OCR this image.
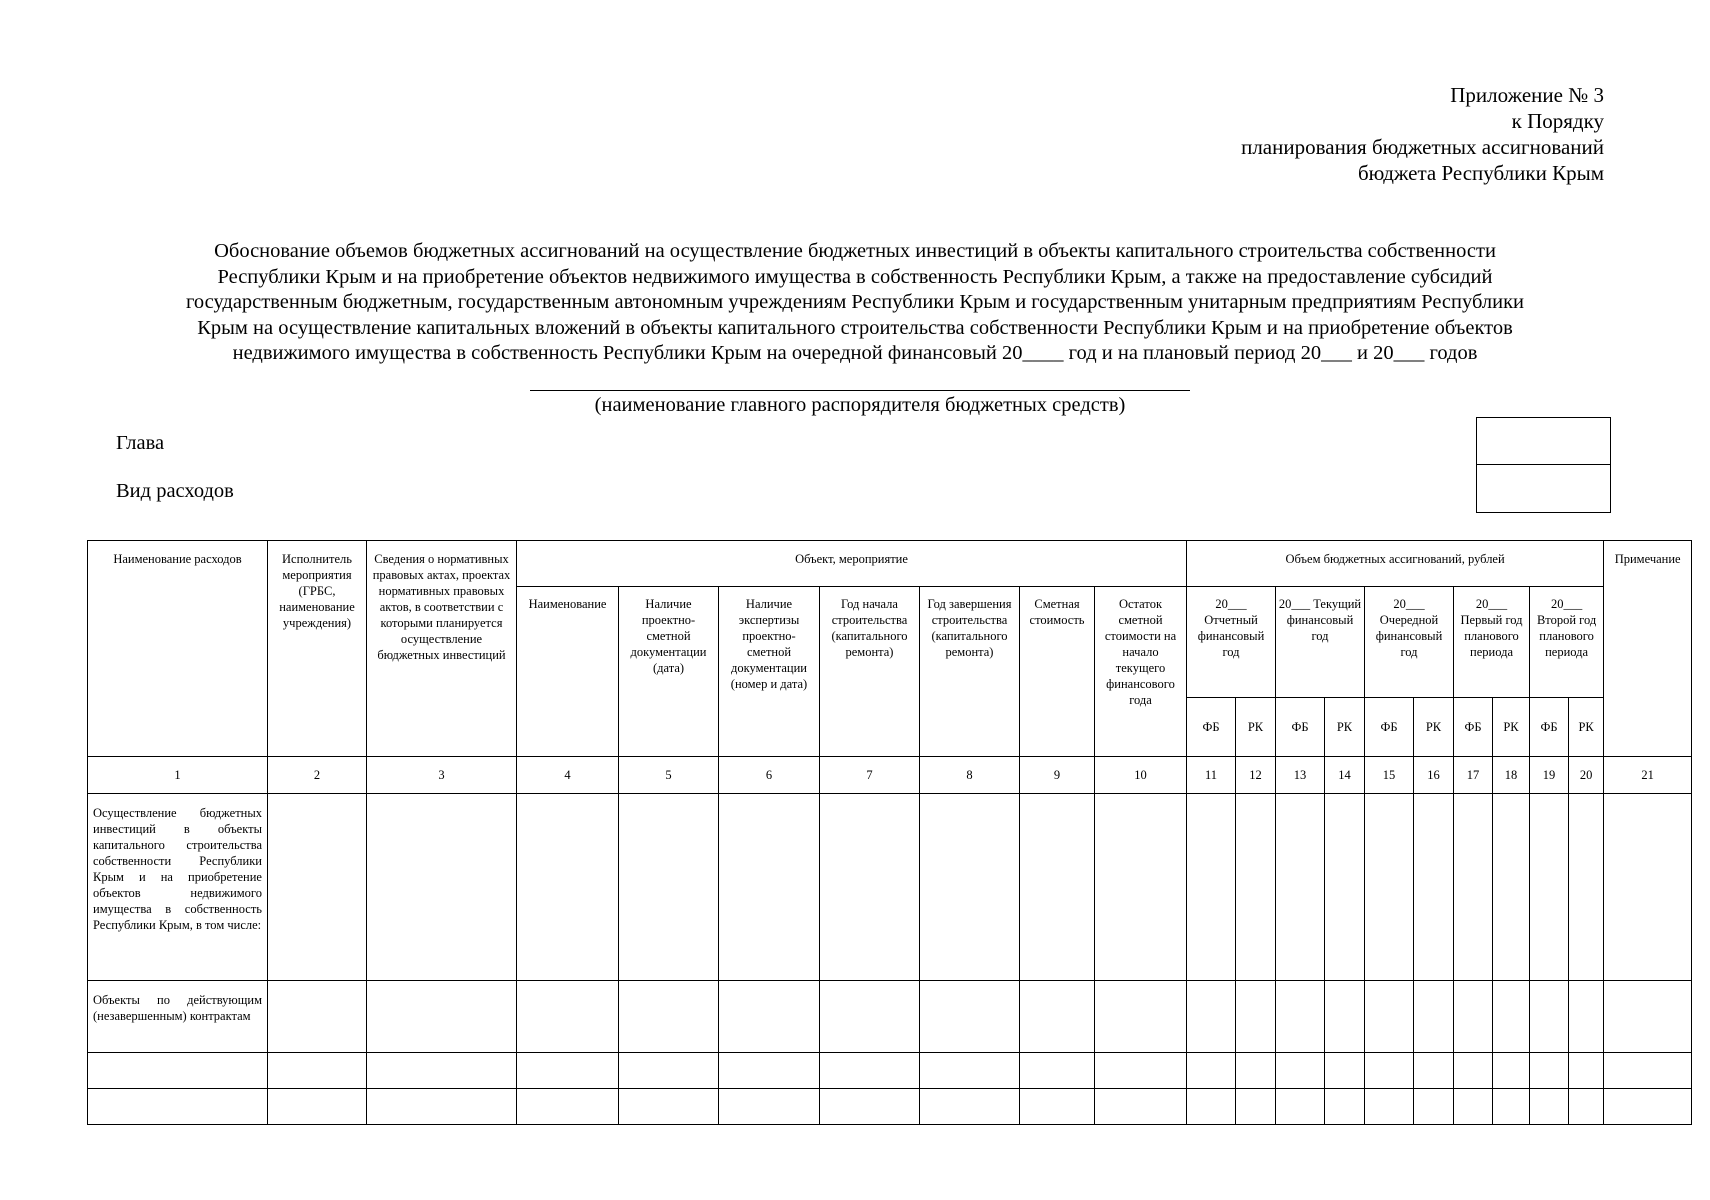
Приложение № 3
к Порядку
планирования бюджетных ассигнований
бюджета Республики Крым
Обоснование объемов бюджетных ассигнований на осуществление бюджетных инвестиций в объекты капитального строительства собственности
Республики Крым и на приобретение объектов недвижимого имущества в собственность Республики Крым, а также на предоставление субсидий
государственным бюджетным, государственным автономным учреждениям Республики Крым и государственным унитарным предприятиям Республики
Крым на осуществление капитальных вложений в объекты капитального строительства собственности Республики Крым и на приобретение объектов
недвижимого имущества в собственность Республики Крым на очередной финансовый 20____ год и на плановый период 20___ и 20___ годов
(наименование главного распорядителя бюджетных средств)
Глава
Вид расходов
Наименование расходов	Исполнитель мероприятия (ГРБС, наименование учреждения)	Сведения о нормативных правовых актах, проектах нормативных правовых актов, в соответствии с которыми планируется осуществление бюджетных инвестиций	Объект, мероприятие							Объем бюджетных ассигнований, рублей										Примечание
			Наименование	Наличие проектно-сметной документации (дата)	Наличие экспертизы проектно-сметной документации (номер и дата)	Год начала строительства (капитального ремонта)	Год завершения строительства (капитального ремонта)	Сметная стоимость	Остаток сметной стоимости на начало текущего финансового года	20___ Отчетный финансовый год		20___ Текущий финансовый год		20___ Очередной финансовый год		20___ Первый год планового периода		20___ Второй год планового периода		
										ФБ	РК	ФБ	РК	ФБ	РК	ФБ	РК	ФБ	РК	
1	2	3	4	5	6	7	8	9	10	11	12	13	14	15	16	17	18	19	20	21
Осуществление бюджетных инвестиций в объекты капитального строительства собственности Республики Крым и на приобретение объектов недвижимого имущества в собственность Республики Крым, в том числе:																				
Объекты по действующим (незавершенным) контрактам																				
